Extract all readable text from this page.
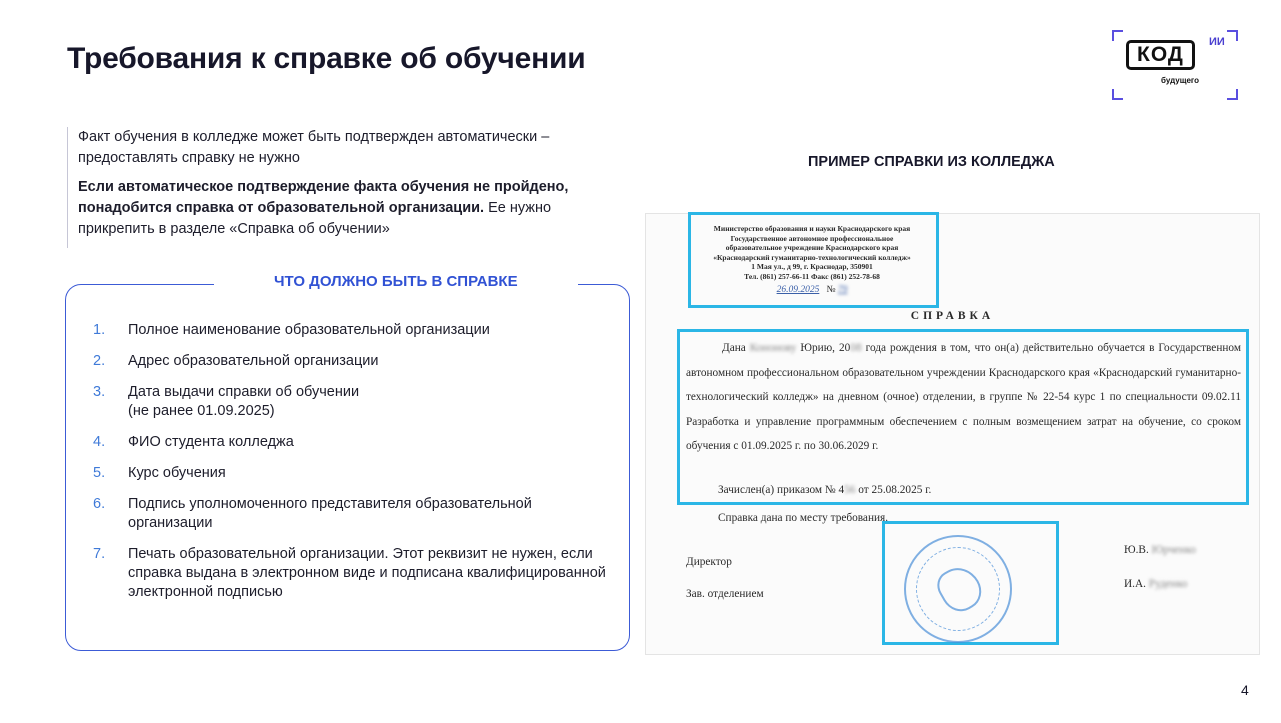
Требования к справке об обучении	КОД
ИИ
будущего

Факт обучения в колледже может быть подтвержден автоматически – предоставлять справку не нужно

Если автоматическое подтверждение факта обучения не пройдено, понадобится справка от образовательной организации. Ее нужно прикрепить в разделе «Справка об обучении»

ЧТО ДОЛЖНО БЫТЬ В СПРАВКЕ
1.	Полное наименование образовательной организации
2.	Адрес образовательной организации
3.	Дата выдачи справки об обучении
(не ранее 01.09.2025)
4.	ФИО студента колледжа
5.	Курс обучения
6.	Подпись уполномоченного представителя образовательной организации
7.	Печать образовательной организации. Этот реквизит не нужен, если справка выдана в электронном виде и подписана квалифицированной электронной подписью
ПРИМЕР СПРАВКИ ИЗ КОЛЛЕДЖА
Министерство образования и науки Краснодарского края
Государственное автономное профессиональное
образовательное учреждение Краснодарского края
«Краснодарский гуманитарно-технологический колледж»
1 Мая ул., д 99, г. Краснодар, 350901
Тел. (861) 257-66-11 Факс (861) 252-78-68
26.09.2025 № 79
СПРАВКА

Дана Кононову Юрию, 2008 года рождения в том, что он(а) действительно обучается в Государственном автономном профессиональном образовательном учреждении Краснодарского края «Краснодарский гуманитарно-технологический колледж» на дневном (очное) отделении, в группе № 22-54 курс 1 по специальности 09.02.11 Разработка и управление программным обеспечением с полным возмещением затрат на обучение, со сроком обучения с 01.09.2025 г. по 30.06.2029 г.

Зачислен(а) приказом № 456 от 25.08.2025 г.
Справка дана по месту требования.
Директор
Зав. отделением
Ю.В. Юрченко
И.А. Руденко
4
